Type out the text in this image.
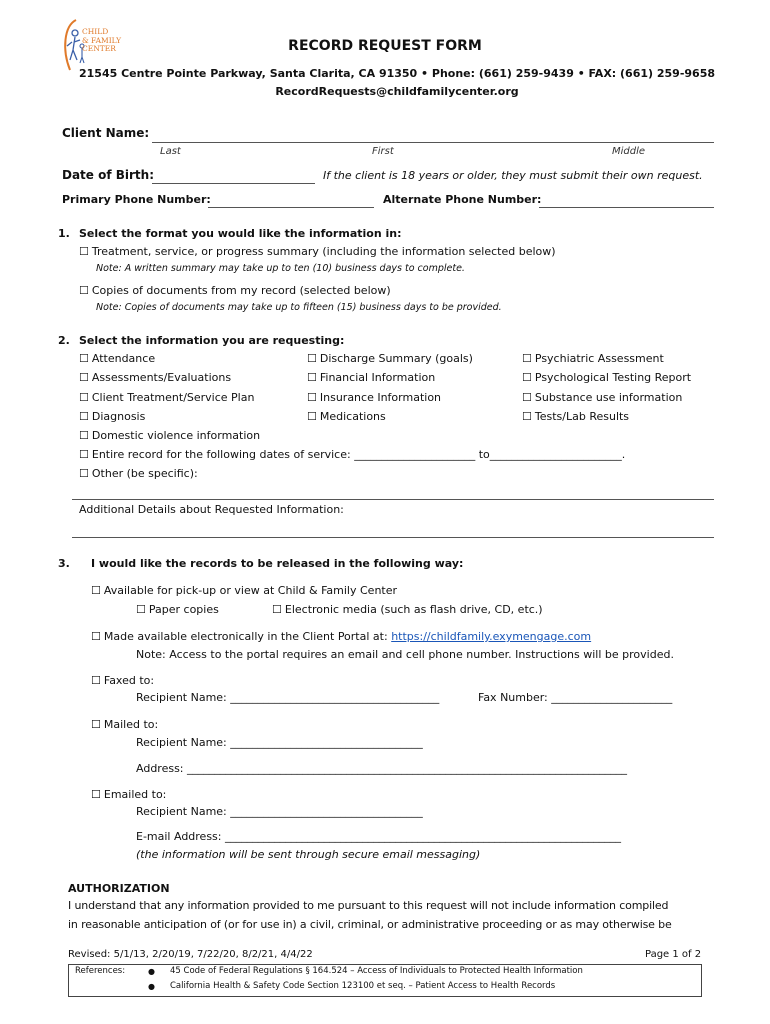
CHILD
& FAMILY
CENTER	RECORD REQUEST FORM
21545 Centre Pointe Parkway, Santa Clarita, CA 91350 • Phone: (661) 259-9439 • FAX: (661) 259-9658
RecordRequests@childfamilycenter.org
Client Name:
Last	First	Middle
Date of Birth:	If the client is 18 years or older, they must submit their own request.
Primary Phone Number:	Alternate Phone Number:
1. Select the format you would like the information in:
☐ Treatment, service, or progress summary (including the information selected below)
Note: A written summary may take up to ten (10) business days to complete.
☐ Copies of documents from my record (selected below)
Note: Copies of documents may take up to fifteen (15) business days to be provided.
2. Select the information you are requesting:
☐ Attendance
☐ Assessments/Evaluations
☐ Client Treatment/Service Plan
☐ Diagnosis
☐ Discharge Summary (goals)
☐ Financial Information
☐ Insurance Information
☐ Medications
☐ Psychiatric Assessment
☐ Psychological Testing Report
☐ Substance use information
☐ Tests/Lab Results
☐ Domestic violence information
☐ Entire record for the following dates of service: ______________________ to________________________.
☐ Other (be specific):
Additional Details about Requested Information:
3. I would like the records to be released in the following way:
☐ Available for pick-up or view at Child & Family Center
☐ Paper copies
☐	Electronic media (such as flash drive, CD, etc.)
☐ Made available electronically in the Client Portal at: https://childfamily.exymengage.com
Note: Access to the portal requires an email and cell phone number. Instructions will be provided.
☐ Faxed to:
Recipient Name: ______________________________________	Fax Number: ______________________
☐ Mailed to:
Recipient Name: ___________________________________
Address: ________________________________________________________________________________
☐ Emailed to:
Recipient Name: ___________________________________
E-mail Address: ________________________________________________________________________
(the information will be sent through secure email messaging)
AUTHORIZATION
I understand that any information provided to me pursuant to this request will not include information compiled
in reasonable anticipation of (or for use in) a civil, criminal, or administrative proceeding or as may otherwise be
Revised: 5/1/13, 2/20/19, 7/22/20, 8/2/21, 4/4/22	Page 1 of 2
References:	● 45 Code of Federal Regulations § 164.524 – Access of Individuals to Protected Health Information
● California Health & Safety Code Section 123100 et seq. – Patient Access to Health Records
